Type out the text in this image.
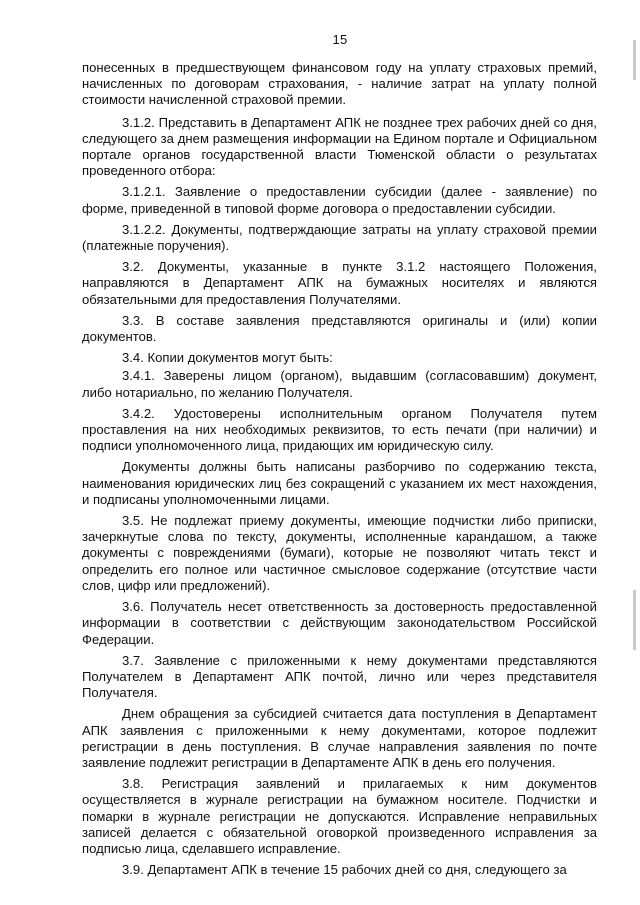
15

понесенных в предшествующем финансовом году на уплату страховых премий, начисленных по договорам страхования, - наличие затрат на уплату полной стоимости начисленной страховой премии.

3.1.2. Представить в Департамент АПК не позднее трех рабочих дней со дня, следующего за днем размещения информации на Едином портале и Официальном портале органов государственной власти Тюменской области о результатах проведенного отбора:

3.1.2.1. Заявление о предоставлении субсидии (далее - заявление) по форме, приведенной в типовой форме договора о предоставлении субсидии.

3.1.2.2. Документы, подтверждающие затраты на уплату страховой премии (платежные поручения).

3.2. Документы, указанные в пункте 3.1.2 настоящего Положения, направляются в Департамент АПК на бумажных носителях и являются обязательными для предоставления Получателями.

3.3. В составе заявления представляются оригиналы и (или) копии документов.

3.4. Копии документов могут быть:

3.4.1. Заверены лицом (органом), выдавшим (согласовавшим) документ, либо нотариально, по желанию Получателя.

3.4.2. Удостоверены исполнительным органом Получателя путем проставления на них необходимых реквизитов, то есть печати (при наличии) и подписи уполномоченного лица, придающих им юридическую силу.

Документы должны быть написаны разборчиво по содержанию текста, наименования юридических лиц без сокращений с указанием их мест нахождения, и подписаны уполномоченными лицами.

3.5. Не подлежат приему документы, имеющие подчистки либо приписки, зачеркнутые слова по тексту, документы, исполненные карандашом, а также документы с повреждениями (бумаги), которые не позволяют читать текст и определить его полное или частичное смысловое содержание (отсутствие части слов, цифр или предложений).

3.6. Получатель несет ответственность за достоверность предоставленной информации в соответствии с действующим законодательством Российской Федерации.

3.7. Заявление с приложенными к нему документами представляются Получателем в Департамент АПК почтой, лично или через представителя Получателя.

Днем обращения за субсидией считается дата поступления в Департамент АПК заявления с приложенными к нему документами, которое подлежит регистрации в день поступления. В случае направления заявления по почте заявление подлежит регистрации в Департаменте АПК в день его получения.

3.8. Регистрация заявлений и прилагаемых к ним документов осуществляется в журнале регистрации на бумажном носителе. Подчистки и помарки в журнале регистрации не допускаются. Исправление неправильных записей делается с обязательной оговоркой произведенного исправления за подписью лица, сделавшего исправление.

3.9. Департамент АПК в течение 15 рабочих дней со дня, следующего за
